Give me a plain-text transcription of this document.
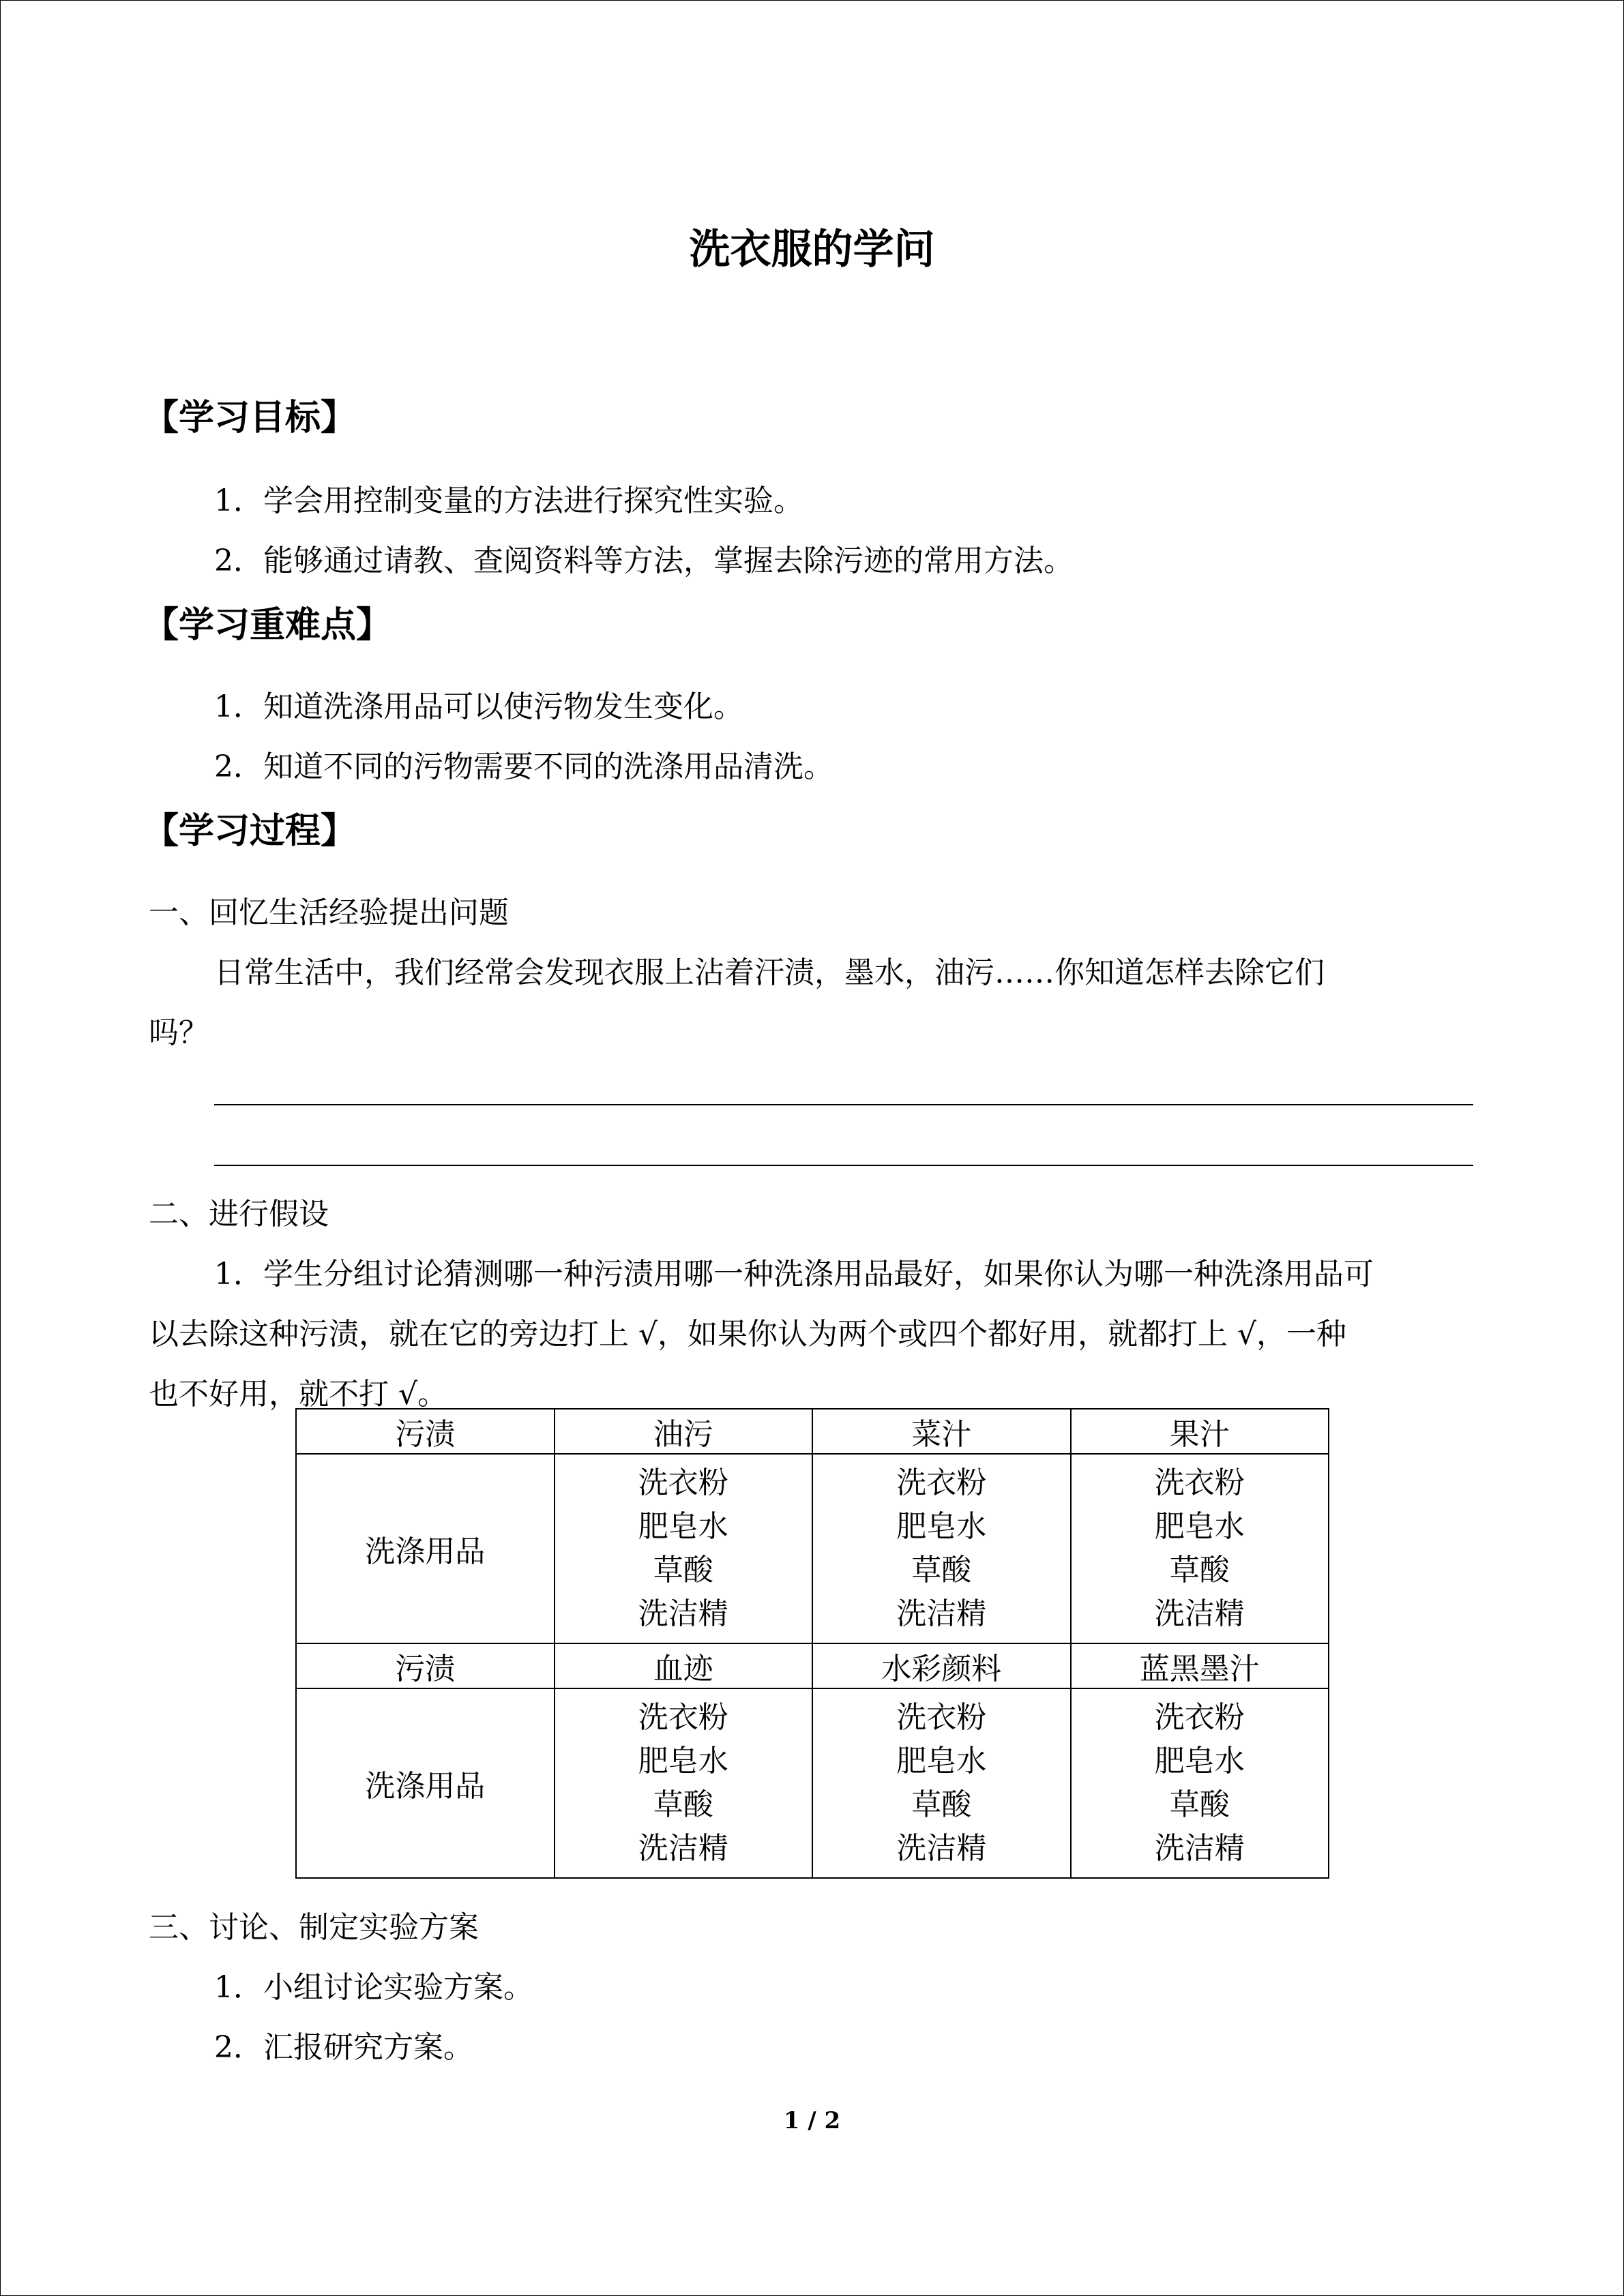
洗衣服的学问
【学习目标】
1．学会用控制变量的方法进行探究性实验。
2．能够通过请教、查阅资料等方法，掌握去除污迹的常用方法。
【学习重难点】
1．知道洗涤用品可以使污物发生变化。
2．知道不同的污物需要不同的洗涤用品清洗。
【学习过程】
一、回忆生活经验提出问题
日常生活中，我们经常会发现衣服上沾着汗渍，墨水，油污……你知道怎样去除它们
吗？
二、进行假设
1．学生分组讨论猜测哪一种污渍用哪一种洗涤用品最好，如果你认为哪一种洗涤用品可
以去除这种污渍，就在它的旁边打上 √，如果你认为两个或四个都好用，就都打上 √，一种
也不好用，就不打 √。
污渍	油污	菜汁	果汁
洗涤用品	洗衣粉
肥皂水
草酸
洗洁精	洗衣粉
肥皂水
草酸
洗洁精	洗衣粉
肥皂水
草酸
洗洁精

污渍	血迹	水彩颜料	蓝黑墨汁
洗涤用品	洗衣粉
肥皂水
草酸
洗洁精	洗衣粉
肥皂水
草酸
洗洁精	洗衣粉
肥皂水
草酸
洗洁精
三、讨论、制定实验方案
1．小组讨论实验方案。
2．汇报研究方案。
1 / 2
